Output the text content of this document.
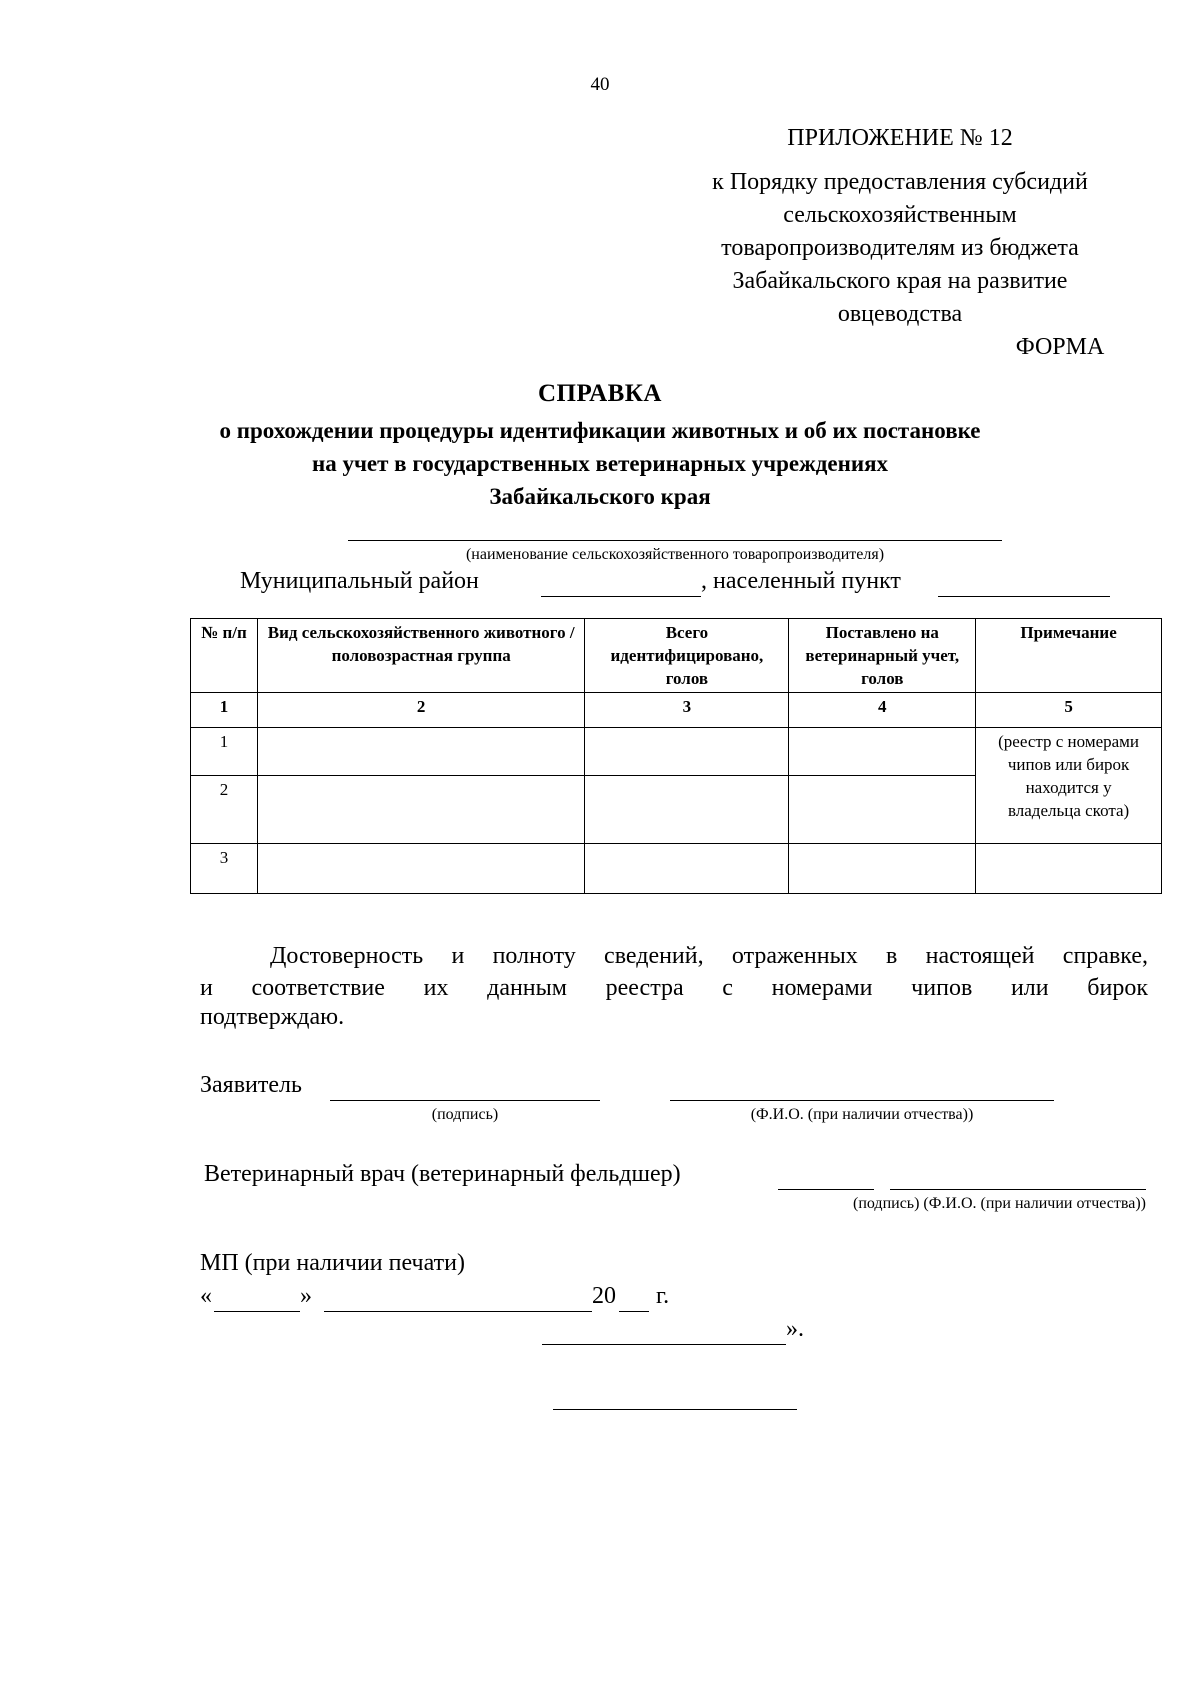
40
ПРИЛОЖЕНИЕ № 12
к Порядку предоставления субсидий
сельскохозяйственным
товаропроизводителям из бюджета
Забайкальского края на развитие
овцеводства
ФОРМА
СПРАВКА
о прохождении процедуры идентификации животных и об их постановке
на учет в государственных ветеринарных учреждениях
Забайкальского края
(наименование сельскохозяйственного товаропроизводителя)
Муниципальный район	, населенный пункт
№ п/п	Вид сельскохозяйственного животного / половозрастная группа	Всего идентифицировано, голов	Поставлено на ветеринарный учет, голов	Примечание
1	2	3	4	5
1				(реестр с номерами чипов или бирок находится у владельца скота)
2				
3				
Достоверность и полноту сведений, отраженных в настоящей справке,
и соответствие их данным реестра с номерами чипов или бирок
подтверждаю.
Заявитель
(подпись)	(Ф.И.О. (при наличии отчества))
Ветеринарный врач (ветеринарный фельдшер)
(подпись) (Ф.И.О. (при наличии отчества))
МП (при наличии печати)
«	»	20 г.
».
